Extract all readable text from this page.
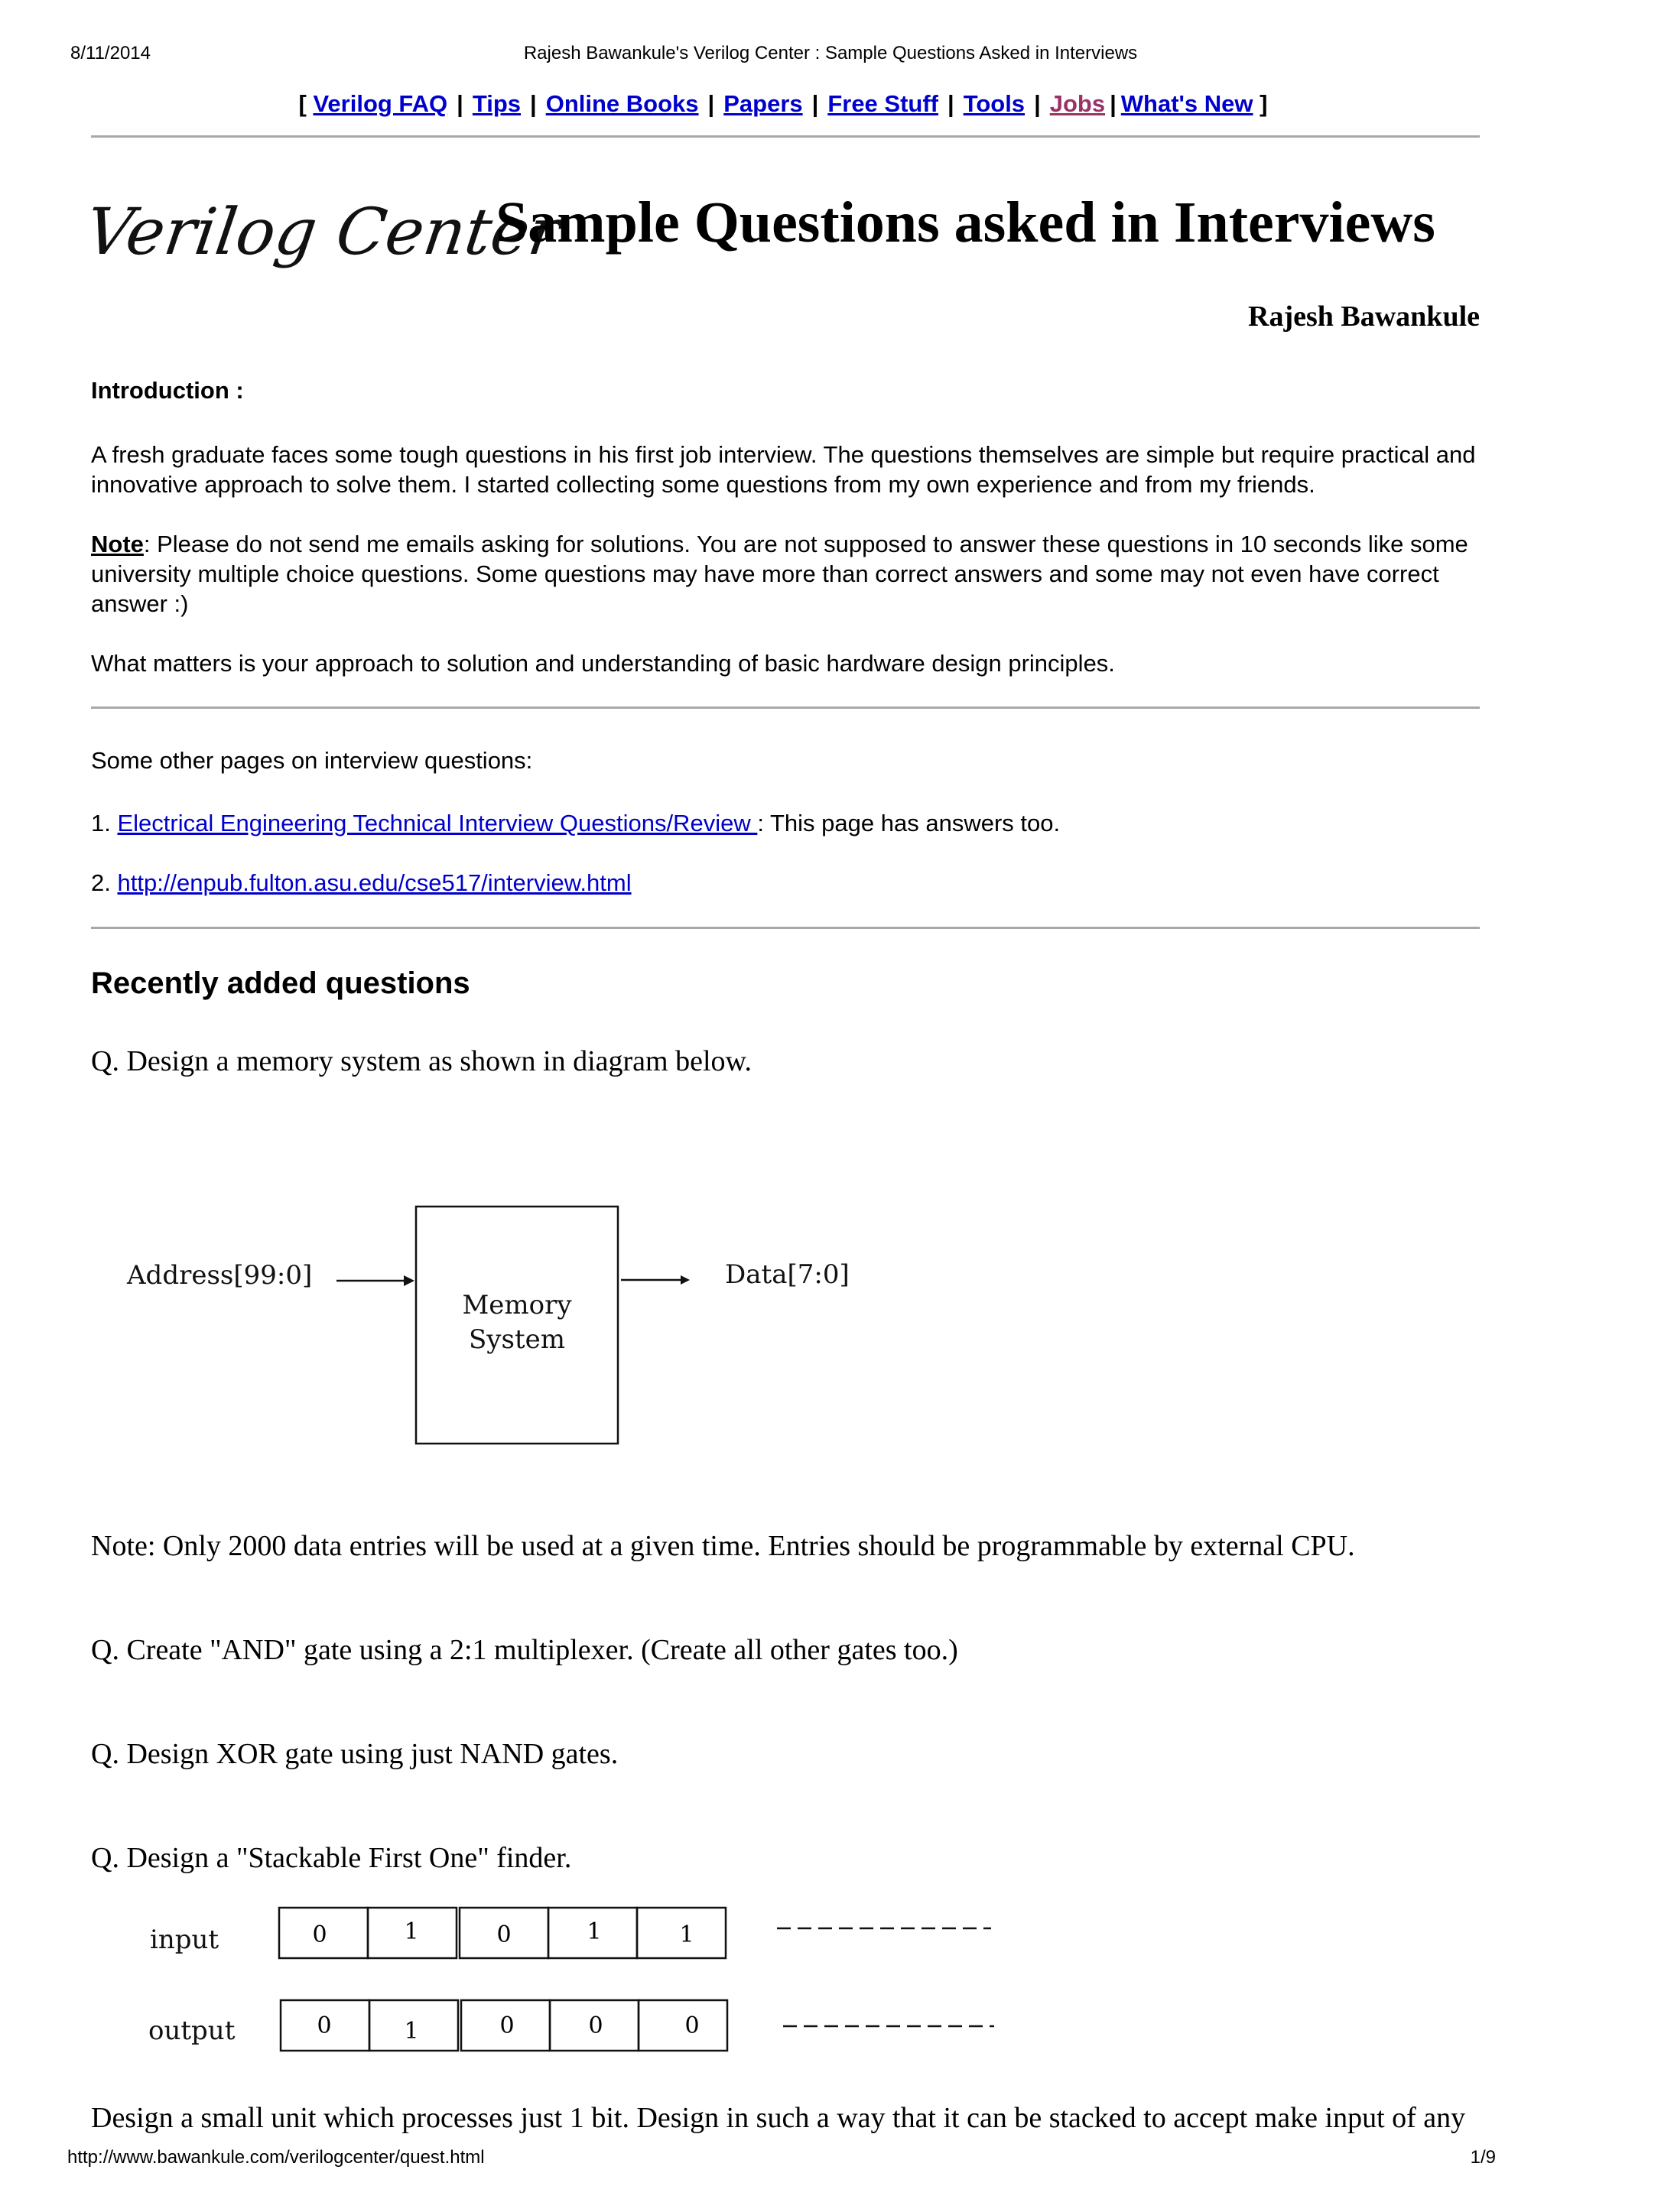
8/11/2014	Rajesh Bawankule's Verilog Center : Sample Questions Asked in Interviews
[ Verilog FAQ | Tips | Online Books | Papers | Free Stuff | Tools | Jobs | What's New ]
Verilog Center
Sample Questions asked in Interviews
Rajesh Bawankule
Introduction :
A fresh graduate faces some tough questions in his first job interview. The questions themselves are simple but require practical and innovative approach to solve them. I started collecting some questions from my own experience and from my friends.
Note: Please do not send me emails asking for solutions. You are not supposed to answer these questions in 10 seconds like some university multiple choice questions. Some questions may have more than correct answers and some may not even have correct answer :)
What matters is your approach to solution and understanding of basic hardware design principles.
Some other pages on interview questions:
1. Electrical Engineering Technical Interview Questions/Review : This page has answers too.
2. http://enpub.fulton.asu.edu/cse517/interview.html
Recently added questions
Q. Design a memory system as shown in diagram below.
Address[99:0]
Memory
System
Data[7:0]
Note: Only 2000 data entries will be used at a given time. Entries should be programmable by external CPU.
Q. Create "AND" gate using a 2:1 multiplexer. (Create all other gates too.)
Q. Design XOR gate using just NAND gates.
Q. Design a "Stackable First One" finder.
input	0	1	0	1	1
output	0	1	0	0	0
Design a small unit which processes just 1 bit. Design in such a way that it can be stacked to accept make input of any
http://www.bawankule.com/verilogcenter/quest.html	1/9
